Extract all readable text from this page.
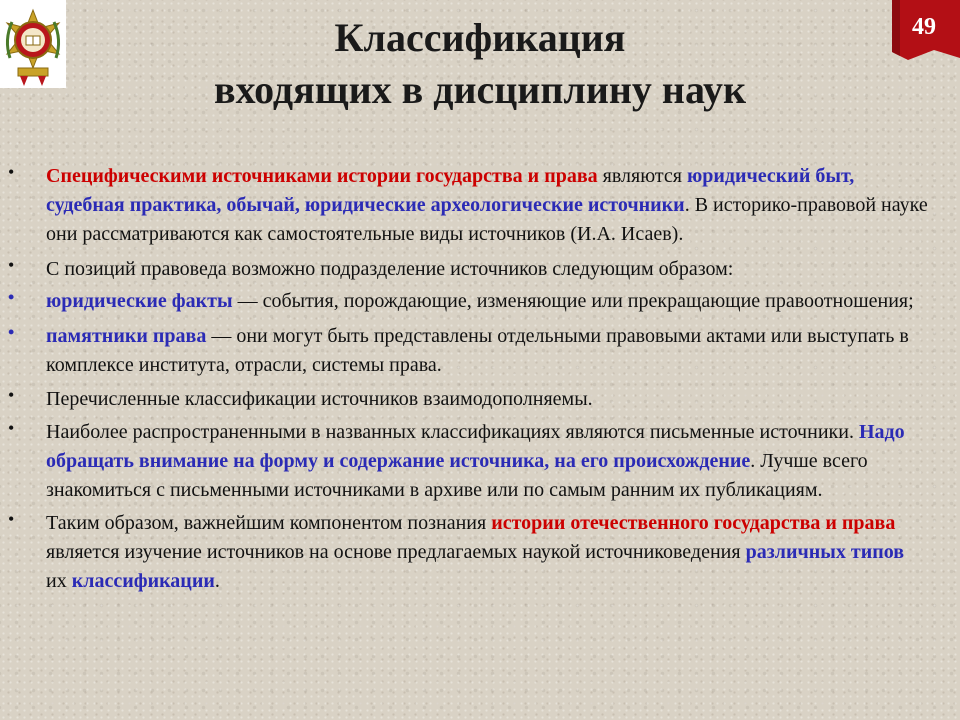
Классификация
входящих в дисциплину наук
49
• Специфическими источниками истории государства и права являются юридический быт, судебная практика, обычай, юридические археологические источники. В историко-правовой науке они рассматриваются как самостоятельные виды источников (И.А. Исаев).
• С позиций правоведа возможно подразделение источников следующим образом:
• юридические факты — события, порождающие, изменяющие или прекращающие правоотношения;
• памятники права — они могут быть представлены отдельными правовыми актами или выступать в комплексе института, отрасли, системы права.
• Перечисленные классификации источников взаимодополняемы.
• Наиболее распространенными в названных классификациях являются письменные источники. Надо обращать внимание на форму и содержание источника, на его происхождение. Лучше всего знакомиться с письменными источниками в архиве или по самым ранним их публикациям.
• Таким образом, важнейшим компонентом познания истории отечественного государства и права является изучение источников на основе предлагаемых наукой источниковедения различных типов их классификации.
